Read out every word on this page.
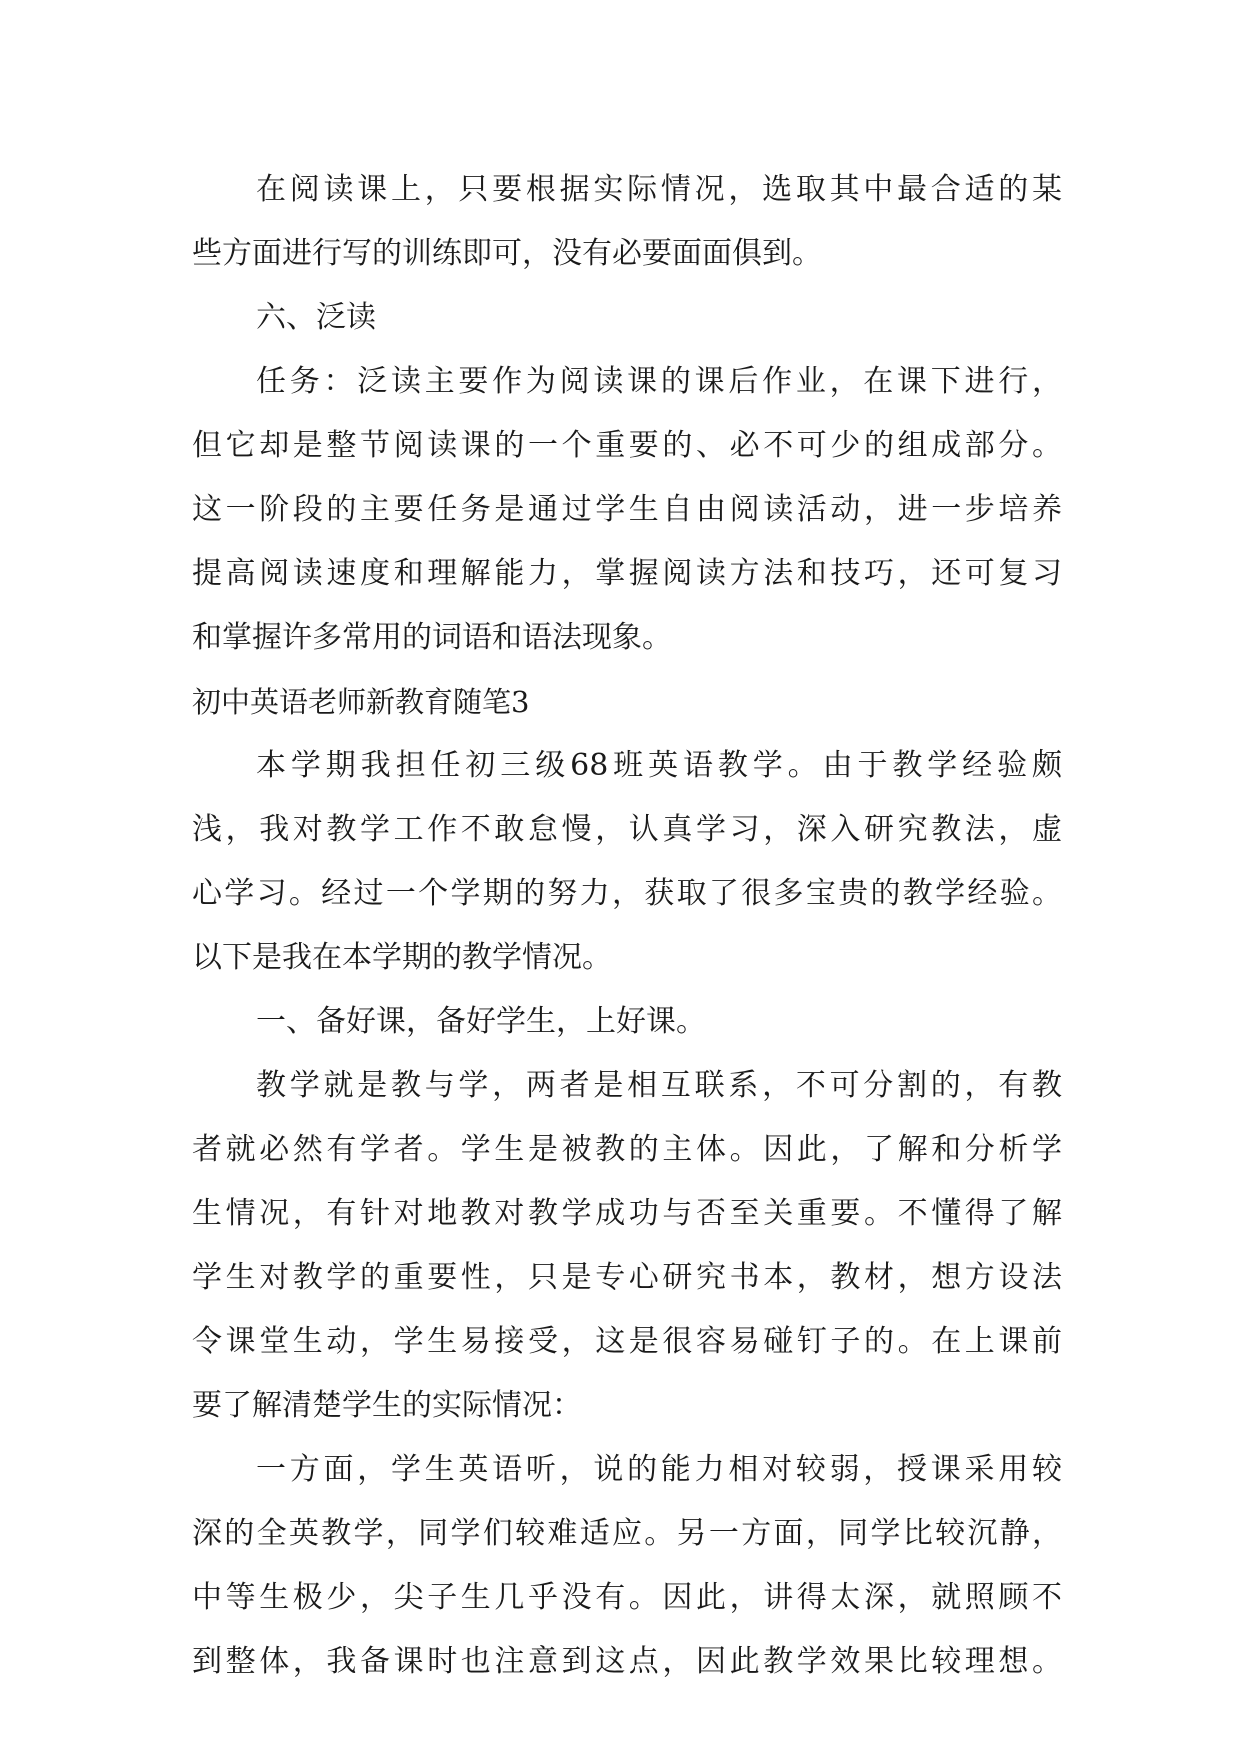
在阅读课上，只要根据实际情况，选取其中最合适的某
些方面进行写的训练即可，没有必要面面俱到。
六、泛读
任务：泛读主要作为阅读课的课后作业，在课下进行，
但它却是整节阅读课的一个重要的、必不可少的组成部分。
这一阶段的主要任务是通过学生自由阅读活动，进一步培养
提高阅读速度和理解能力，掌握阅读方法和技巧，还可复习
和掌握许多常用的词语和语法现象。
初中英语老师新教育随笔3
本学期我担任初三级68班英语教学。由于教学经验颇
浅，我对教学工作不敢怠慢，认真学习，深入研究教法，虚
心学习。经过一个学期的努力，获取了很多宝贵的教学经验。
以下是我在本学期的教学情况。
一、备好课，备好学生，上好课。
教学就是教与学，两者是相互联系，不可分割的，有教
者就必然有学者。学生是被教的主体。因此，了解和分析学
生情况，有针对地教对教学成功与否至关重要。不懂得了解
学生对教学的重要性，只是专心研究书本，教材，想方设法
令课堂生动，学生易接受，这是很容易碰钉子的。在上课前
要了解清楚学生的实际情况：
一方面，学生英语听，说的能力相对较弱，授课采用较
深的全英教学，同学们较难适应。另一方面，同学比较沉静，
中等生极少，尖子生几乎没有。因此，讲得太深，就照顾不
到整体，我备课时也注意到这点，因此教学效果比较理想。
